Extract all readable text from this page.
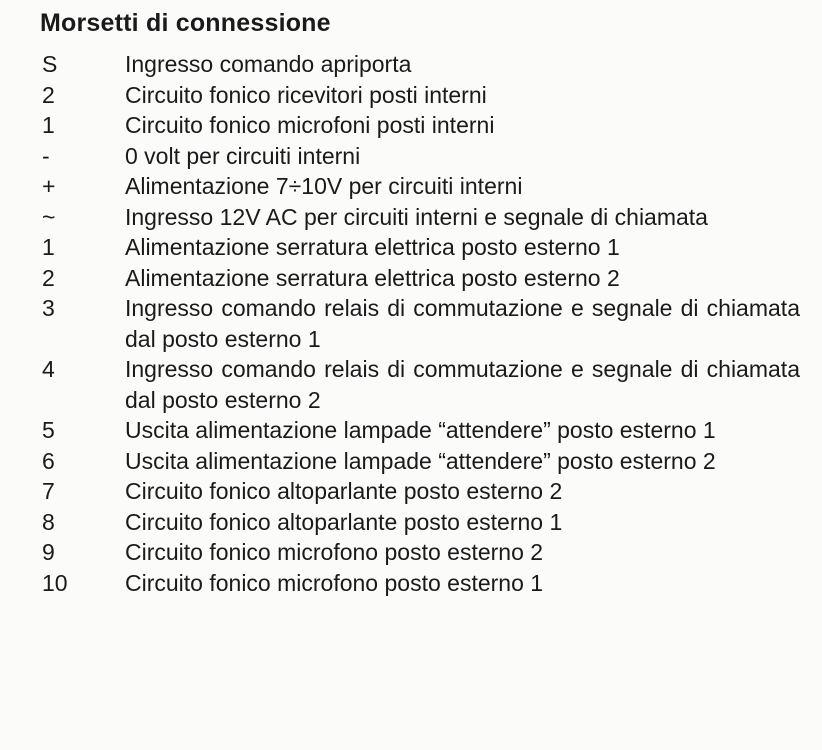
Morsetti di connessione
S	Ingresso comando apriporta
2	Circuito fonico ricevitori posti interni
1	Circuito fonico microfoni posti interni
-	0 volt per circuiti interni
+	Alimentazione 7÷10V per circuiti interni
~	Ingresso 12V AC per circuiti interni e segnale di chiamata
1	Alimentazione serratura elettrica posto esterno 1
2	Alimentazione serratura elettrica posto esterno 2
3	Ingresso comando relais di commutazione e segnale di chiamata dal posto esterno 1
4	Ingresso comando relais di commutazione e segnale di chiamata dal posto esterno 2
5	Uscita alimentazione lampade “attendere” posto esterno 1
6	Uscita alimentazione lampade “attendere” posto esterno 2
7	Circuito fonico altoparlante posto esterno 2
8	Circuito fonico altoparlante posto esterno 1
9	Circuito fonico microfono posto esterno 2
10	Circuito fonico microfono posto esterno 1
